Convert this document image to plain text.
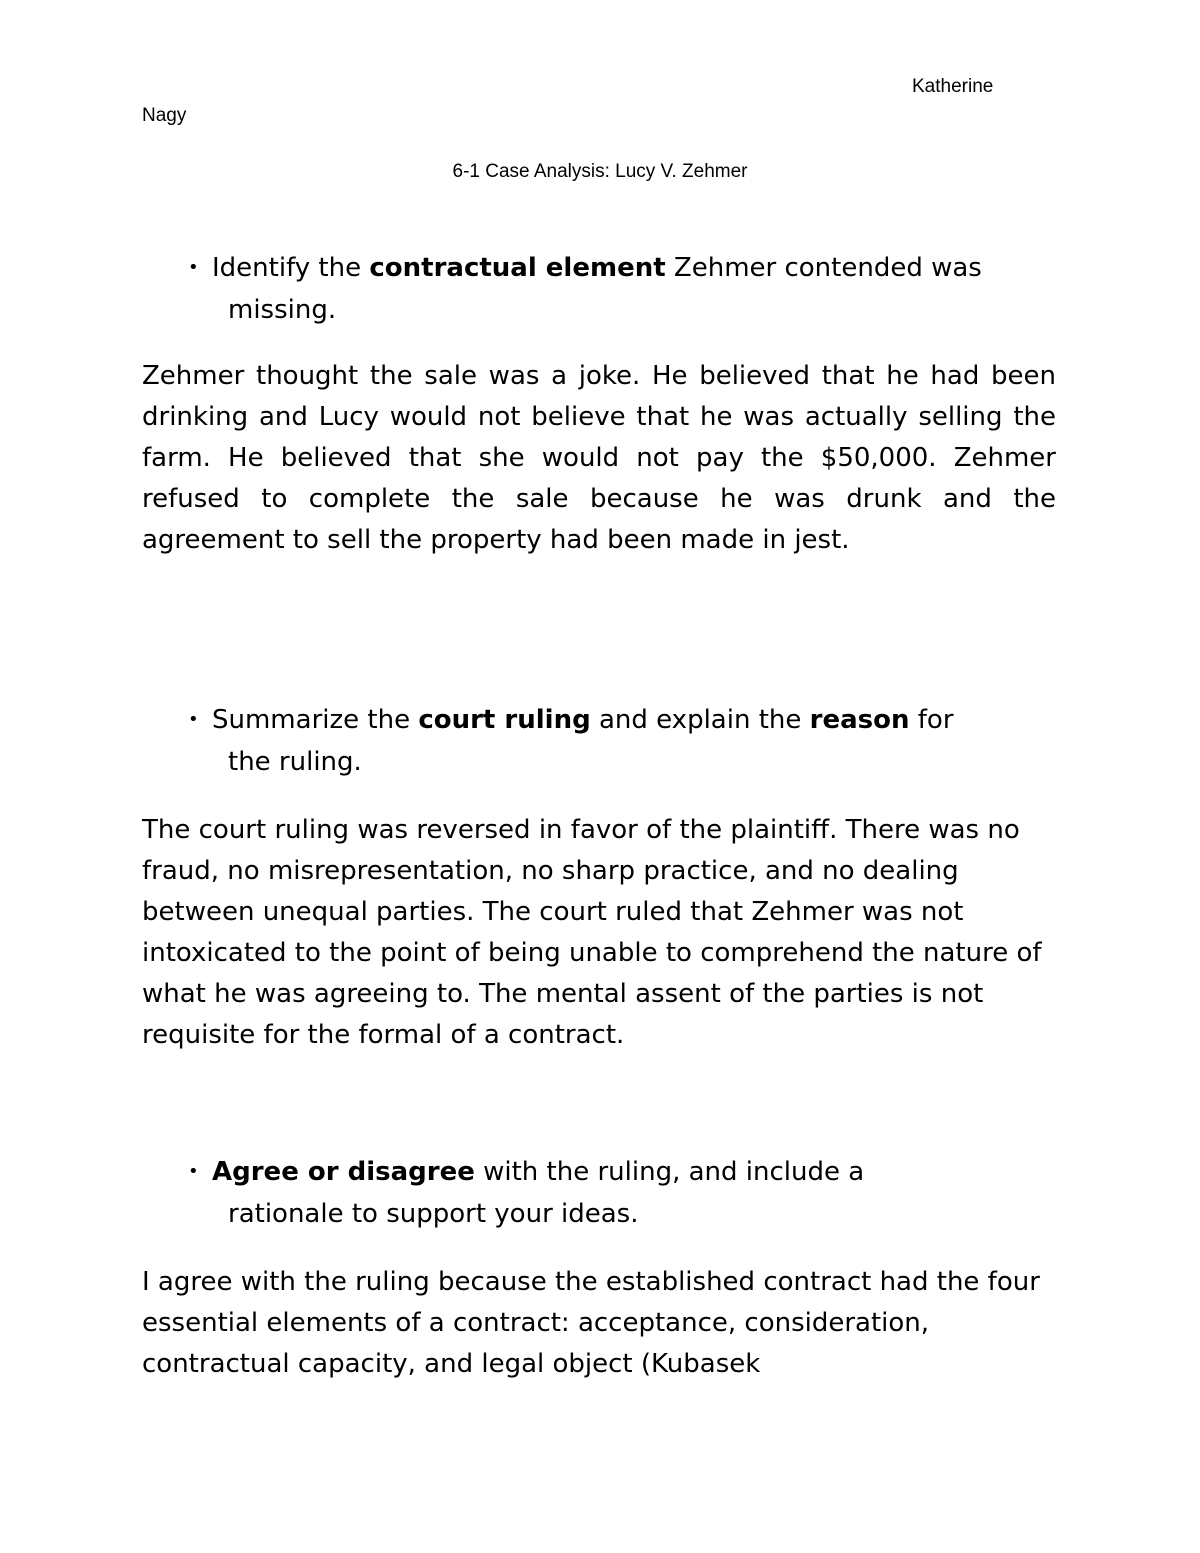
Katherine
Nagy
6-1 Case Analysis: Lucy V. Zehmer
• Identify the contractual element Zehmer contended was
missing.
Zehmer thought the sale was a joke. He believed that he had been drinking and Lucy would not believe that he was actually selling the farm. He believed that she would not pay the $50,000. Zehmer refused to complete the sale because he was drunk and the agreement to sell the property had been made in jest.
• Summarize the court ruling and explain the reason for
the ruling.
The court ruling was reversed in favor of the plaintiff. There was no fraud, no misrepresentation, no sharp practice, and no dealing between unequal parties. The court ruled that Zehmer was not intoxicated to the point of being unable to comprehend the nature of what he was agreeing to. The mental assent of the parties is not requisite for the formal of a contract.
• Agree or disagree with the ruling, and include a
rationale to support your ideas.
I agree with the ruling because the established contract had the four essential elements of a contract: acceptance, consideration, contractual capacity, and legal object (Kubasek
